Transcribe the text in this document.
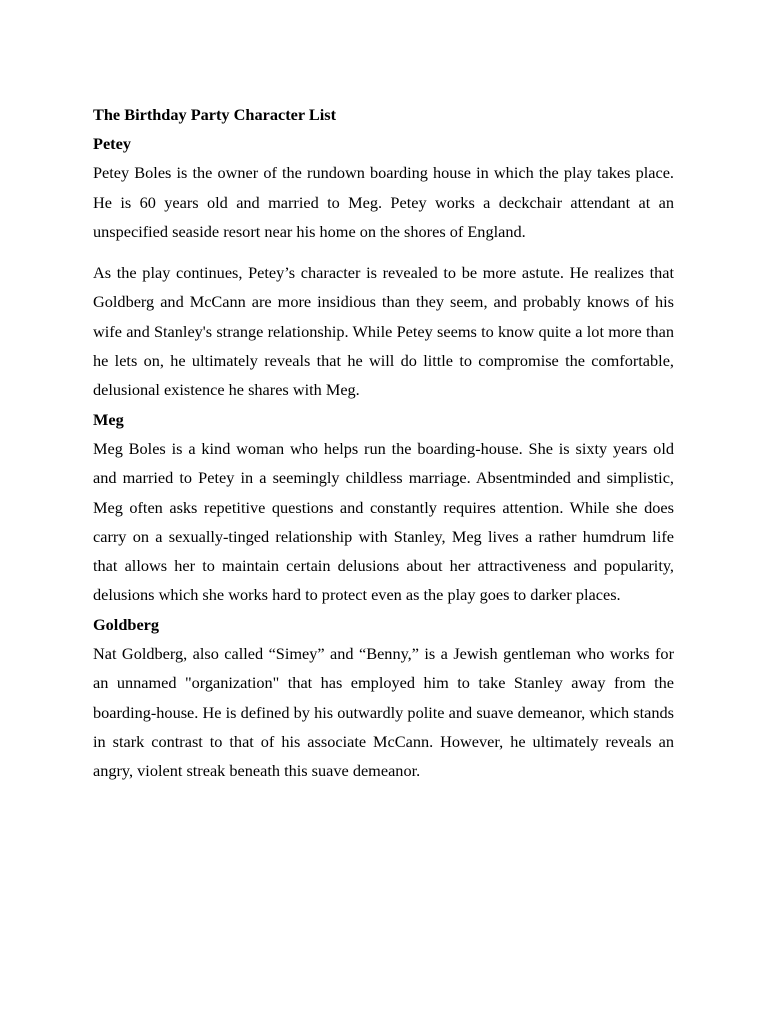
The Birthday Party Character List
Petey

Petey Boles is the owner of the rundown boarding house in which the play takes place. He is 60 years old and married to Meg. Petey works a deckchair attendant at an unspecified seaside resort near his home on the shores of England.

As the play continues, Petey’s character is revealed to be more astute. He realizes that Goldberg and McCann are more insidious than they seem, and probably knows of his wife and Stanley's strange relationship. While Petey seems to know quite a lot more than he lets on, he ultimately reveals that he will do little to compromise the comfortable, delusional existence he shares with Meg.

Meg

Meg Boles is a kind woman who helps run the boarding-house. She is sixty years old and married to Petey in a seemingly childless marriage. Absentminded and simplistic, Meg often asks repetitive questions and constantly requires attention. While she does carry on a sexually-tinged relationship with Stanley, Meg lives a rather humdrum life that allows her to maintain certain delusions about her attractiveness and popularity, delusions which she works hard to protect even as the play goes to darker places.

Goldberg

Nat Goldberg, also called “Simey” and “Benny,” is a Jewish gentleman who works for an unnamed "organization" that has employed him to take Stanley away from the boarding-house. He is defined by his outwardly polite and suave demeanor, which stands in stark contrast to that of his associate McCann. However, he ultimately reveals an angry, violent streak beneath this suave demeanor.
